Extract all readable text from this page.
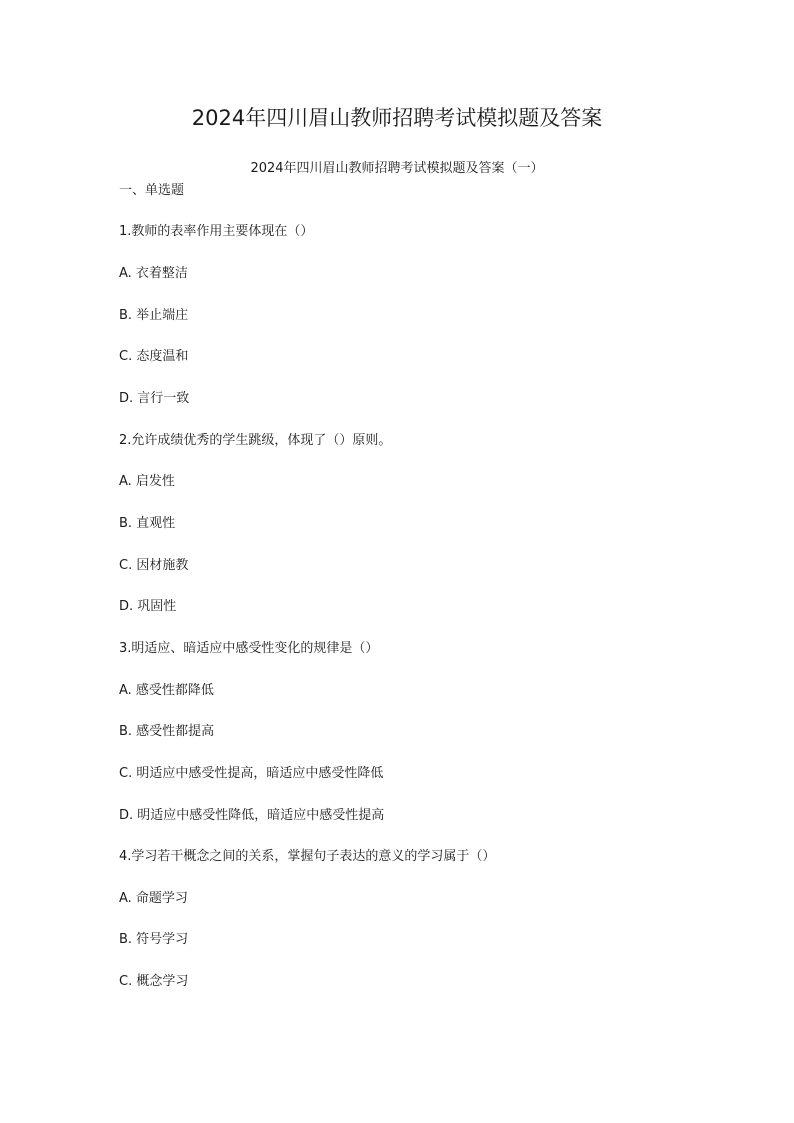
2024年四川眉山教师招聘考试模拟题及答案
2024年四川眉山教师招聘考试模拟题及答案（一）
一、单选题
1.教师的表率作用主要体现在（）
A. 衣着整洁
B. 举止端庄
C. 态度温和
D. 言行一致
2.允许成绩优秀的学生跳级，体现了（）原则。
A. 启发性
B. 直观性
C. 因材施教
D. 巩固性
3.明适应、暗适应中感受性变化的规律是（）
A. 感受性都降低
B. 感受性都提高
C. 明适应中感受性提高，暗适应中感受性降低
D. 明适应中感受性降低，暗适应中感受性提高
4.学习若干概念之间的关系，掌握句子表达的意义的学习属于（）
A. 命题学习
B. 符号学习
C. 概念学习
